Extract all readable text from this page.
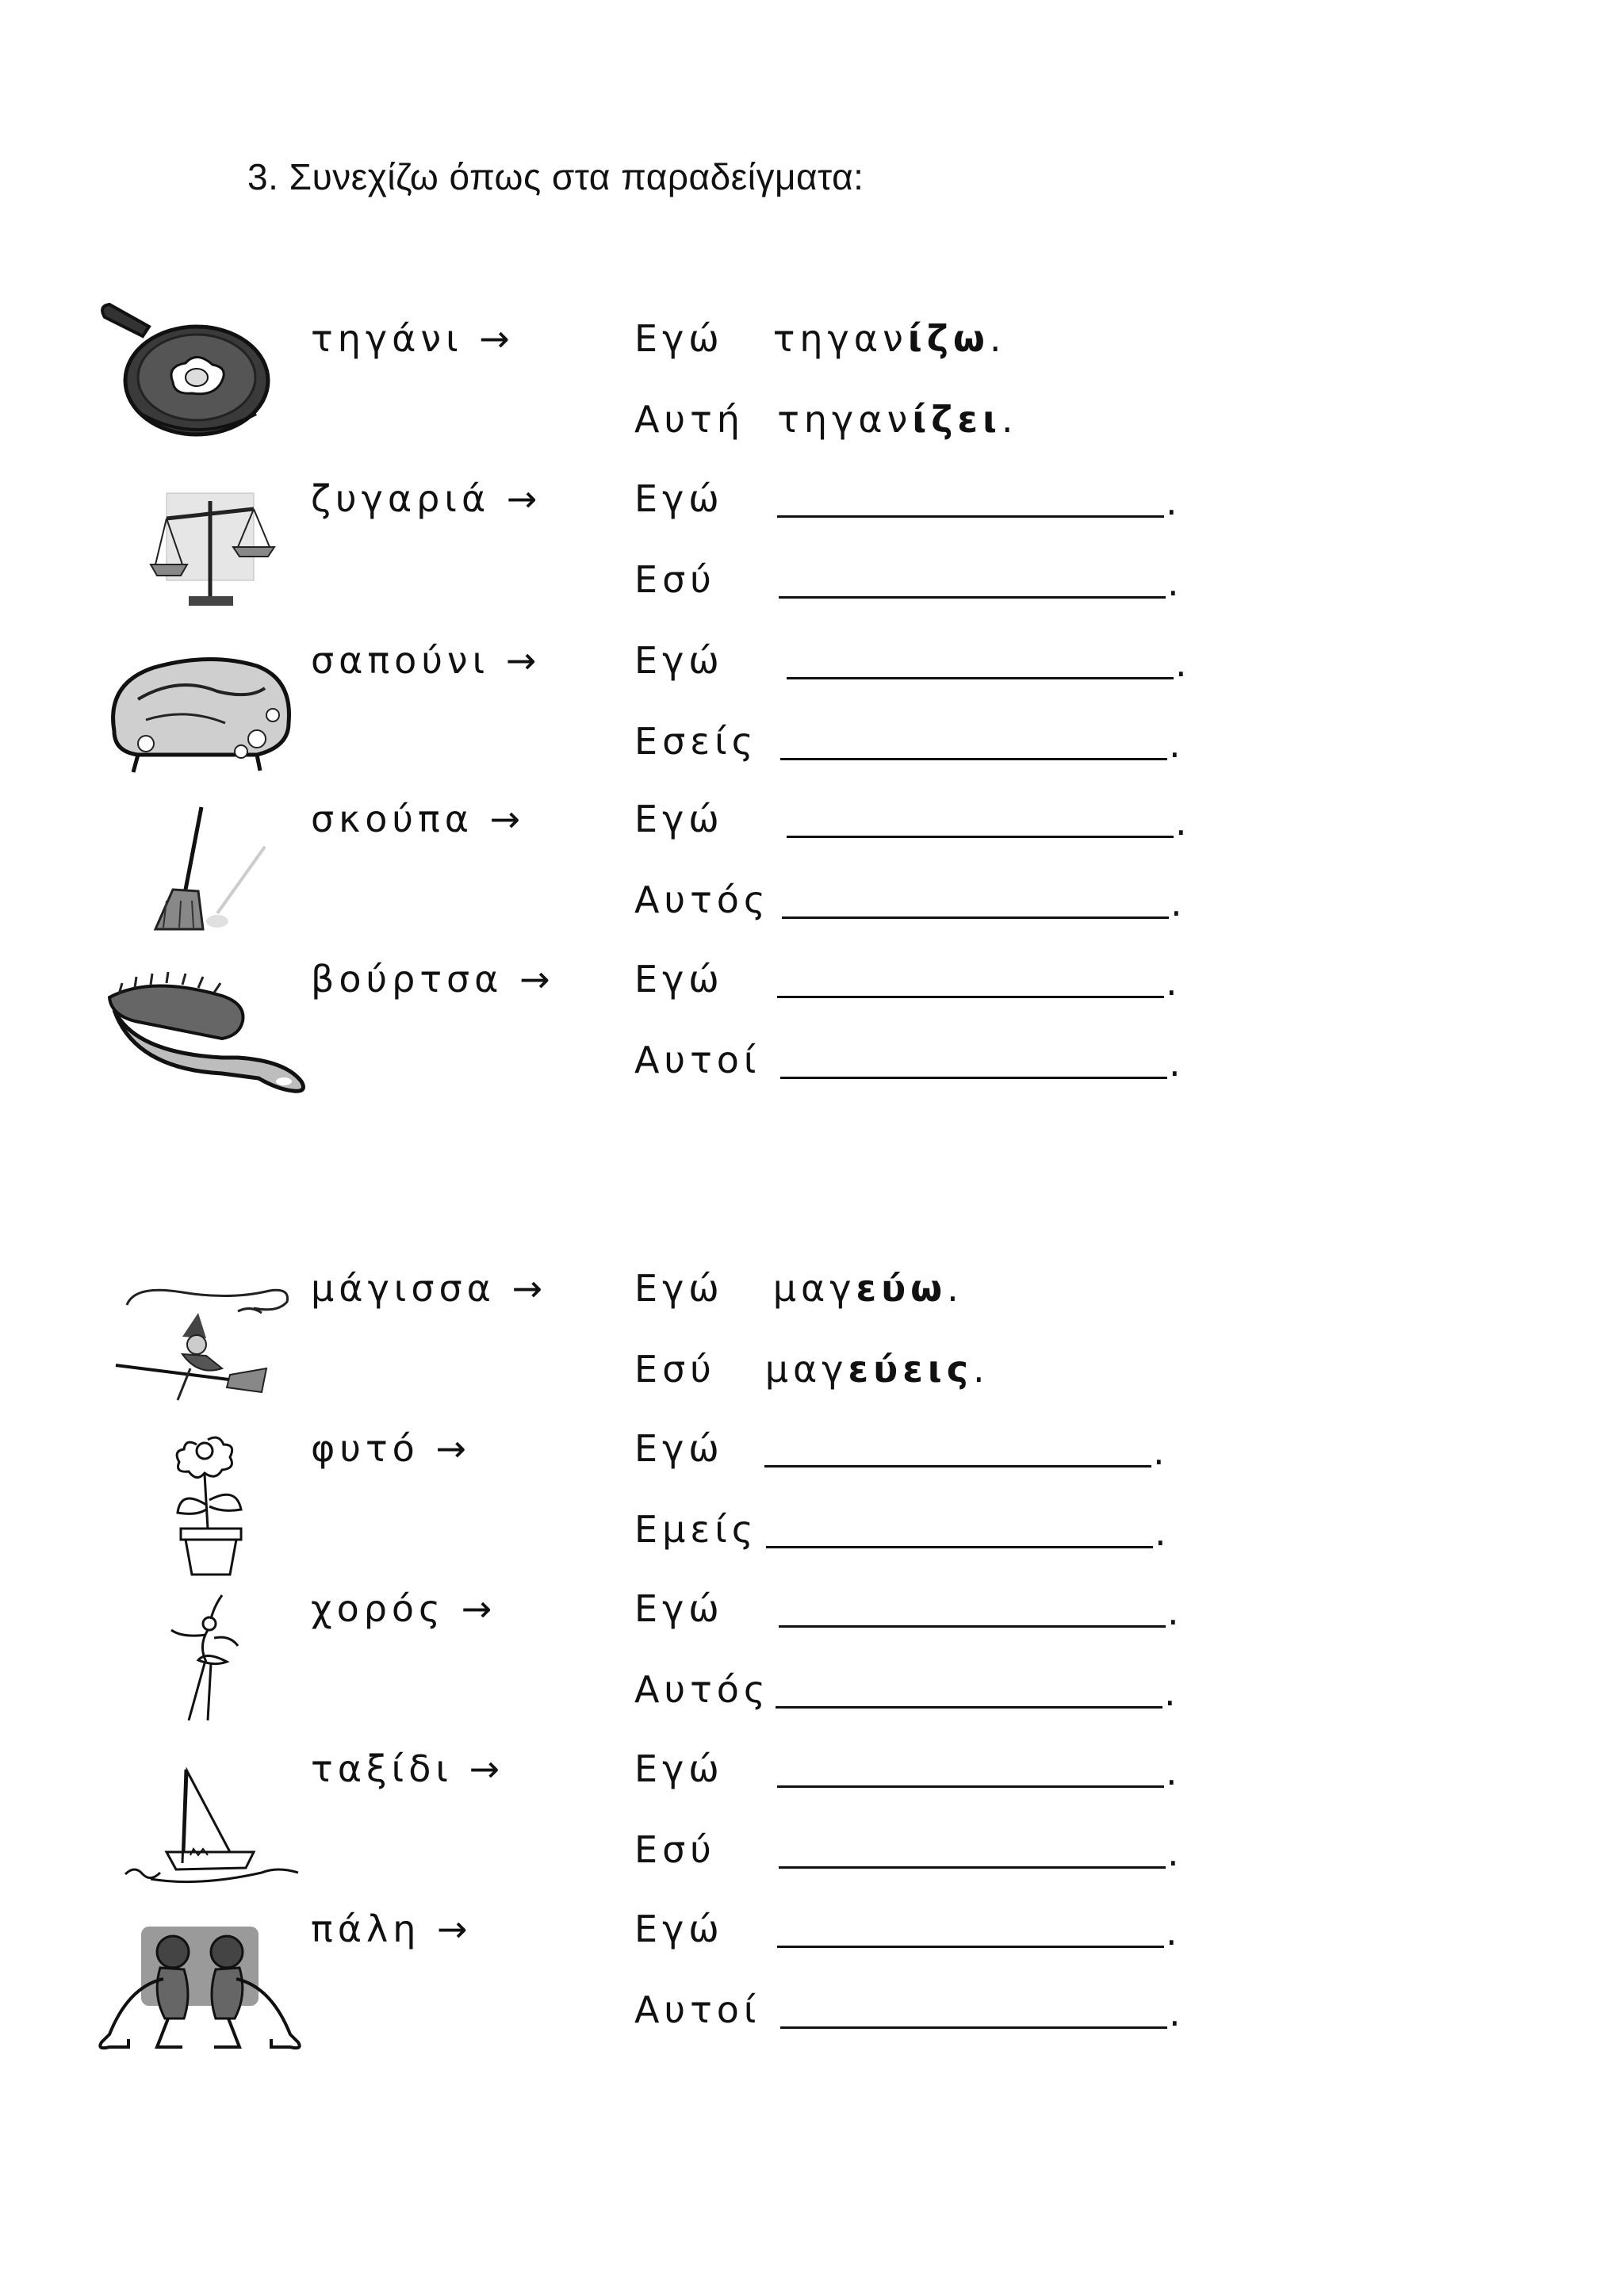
3. Συνεχίζω όπως στα παραδείγματα:
τηγάνι →	Εγώ τηγανίζω.
Αυτή τηγανίζει.
ζυγαριά →	Εγώ	.
Εσύ	.
σαπούνι →	Εγώ	.
Εσείς	.
σκούπα →	Εγώ	.
Αυτός	.
βούρτσα → Εγώ	.
Αυτοί	.
μάγισσα → Εγώ μαγεύω.
Εσύ μαγεύεις.
φυτό →	Εγώ	.
Εμείς	.
χορός →	Εγώ	.
Αυτός	.
ταξίδι →	Εγώ	.
Εσύ	.
πάλη →	Εγώ	.
Αυτοί	.
